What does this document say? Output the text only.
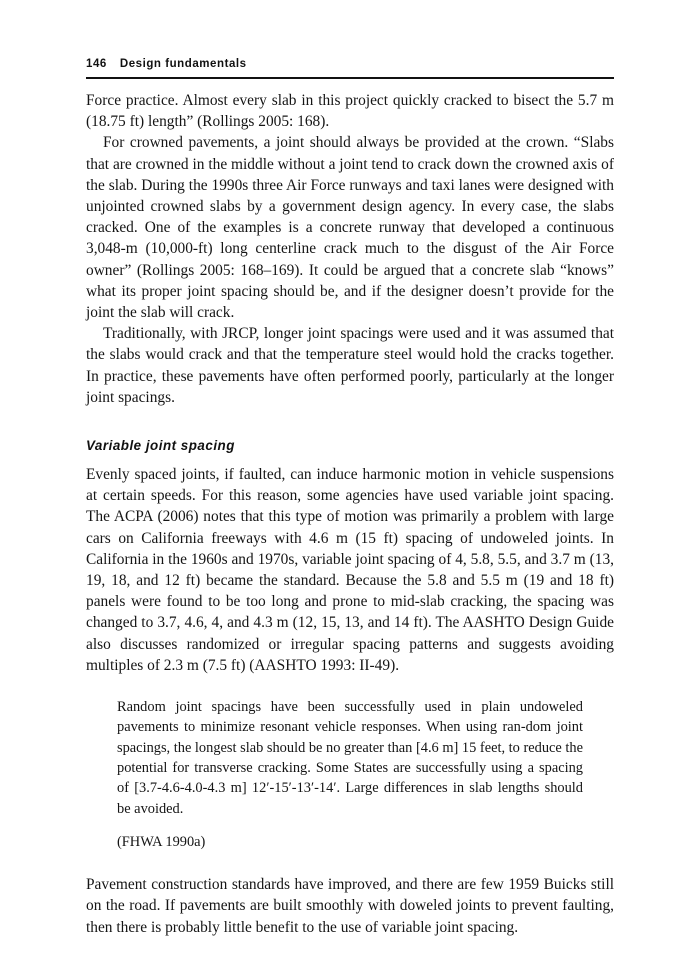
146 Design fundamentals

Force practice. Almost every slab in this project quickly cracked to bisect the 5.7 m (18.75 ft) length” (Rollings 2005: 168).

For crowned pavements, a joint should always be provided at the crown. “Slabs that are crowned in the middle without a joint tend to crack down the crowned axis of the slab. During the 1990s three Air Force runways and taxi lanes were designed with unjointed crowned slabs by a government design agency. In every case, the slabs cracked. One of the examples is a concrete runway that developed a continuous 3,048-m (10,000-ft) long centerline crack much to the disgust of the Air Force owner” (Rollings 2005: 168–169). It could be argued that a concrete slab “knows” what its proper joint spacing should be, and if the designer doesn’t provide for the joint the slab will crack.

Traditionally, with JRCP, longer joint spacings were used and it was assumed that the slabs would crack and that the temperature steel would hold the cracks together. In practice, these pavements have often performed poorly, particularly at the longer joint spacings.

Variable joint spacing

Evenly spaced joints, if faulted, can induce harmonic motion in vehicle suspensions at certain speeds. For this reason, some agencies have used variable joint spacing. The ACPA (2006) notes that this type of motion was primarily a problem with large cars on California freeways with 4.6 m (15 ft) spacing of undoweled joints. In California in the 1960s and 1970s, variable joint spacing of 4, 5.8, 5.5, and 3.7 m (13, 19, 18, and 12 ft) became the standard. Because the 5.8 and 5.5 m (19 and 18 ft) panels were found to be too long and prone to mid-slab cracking, the spacing was changed to 3.7, 4.6, 4, and 4.3 m (12, 15, 13, and 14 ft). The AASHTO Design Guide also discusses randomized or irregular spacing patterns and suggests avoiding multiples of 2.3 m (7.5 ft) (AASHTO 1993: II-49).

Random joint spacings have been successfully used in plain undoweled pavements to minimize resonant vehicle responses. When using ran-dom joint spacings, the longest slab should be no greater than [4.6 m] 15 feet, to reduce the potential for transverse cracking. Some States are successfully using a spacing of [3.7-4.6-4.0-4.3 m] 12′-15′-13′-14′. Large differences in slab lengths should be avoided.

(FHWA 1990a)

Pavement construction standards have improved, and there are few 1959 Buicks still on the road. If pavements are built smoothly with doweled joints to prevent faulting, then there is probably little benefit to the use of variable joint spacing.
